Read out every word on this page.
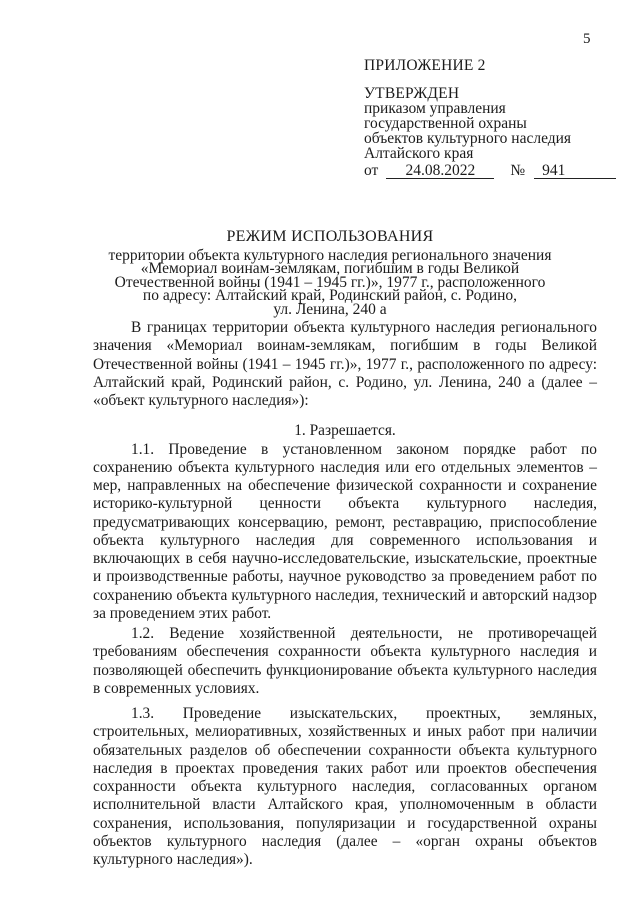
5
ПРИЛОЖЕНИЕ 2
УТВЕРЖДЕН
приказом управления
государственной охраны
объектов культурного наследия
Алтайского края
от	24.08.2022	№	941
РЕЖИМ ИСПОЛЬЗОВАНИЯ
территории объекта культурного наследия регионального значения
«Мемориал воинам-землякам, погибшим в годы Великой
Отечественной войны (1941 – 1945 гг.)», 1977 г., расположенного
по адресу: Алтайский край, Родинский район, с. Родино,
ул. Ленина, 240 а
В границах территории объекта культурного наследия регионального значения «Мемориал воинам-землякам, погибшим в годы Великой Отечественной войны (1941 – 1945 гг.)», 1977 г., расположенного по адресу: Алтайский край, Родинский район, с. Родино, ул. Ленина, 240 а (далее – «объект культурного наследия»):
1. Разрешается.
1.1. Проведение в установленном законом порядке работ по сохранению объекта культурного наследия или его отдельных элементов – мер, направленных на обеспечение физической сохранности и сохранение историко-культурной ценности объекта культурного наследия, предусматривающих консервацию, ремонт, реставрацию, приспособление объекта культурного наследия для современного использования и включающих в себя научно-исследовательские, изыскательские, проектные и производственные работы, научное руководство за проведением работ по сохранению объекта культурного наследия, технический и авторский надзор за проведением этих работ.
1.2. Ведение хозяйственной деятельности, не противоречащей требованиям обеспечения сохранности объекта культурного наследия и позволяющей обеспечить функционирование объекта культурного наследия в современных условиях.
1.3. Проведение изыскательских, проектных, земляных, строительных, мелиоративных, хозяйственных и иных работ при наличии обязательных разделов об обеспечении сохранности объекта культурного наследия в проектах проведения таких работ или проектов обеспечения сохранности объекта культурного наследия, согласованных органом исполнительной власти Алтайского края, уполномоченным в области сохранения, использования, популяризации и государственной охраны объектов культурного наследия (далее – «орган охраны объектов культурного наследия»).
